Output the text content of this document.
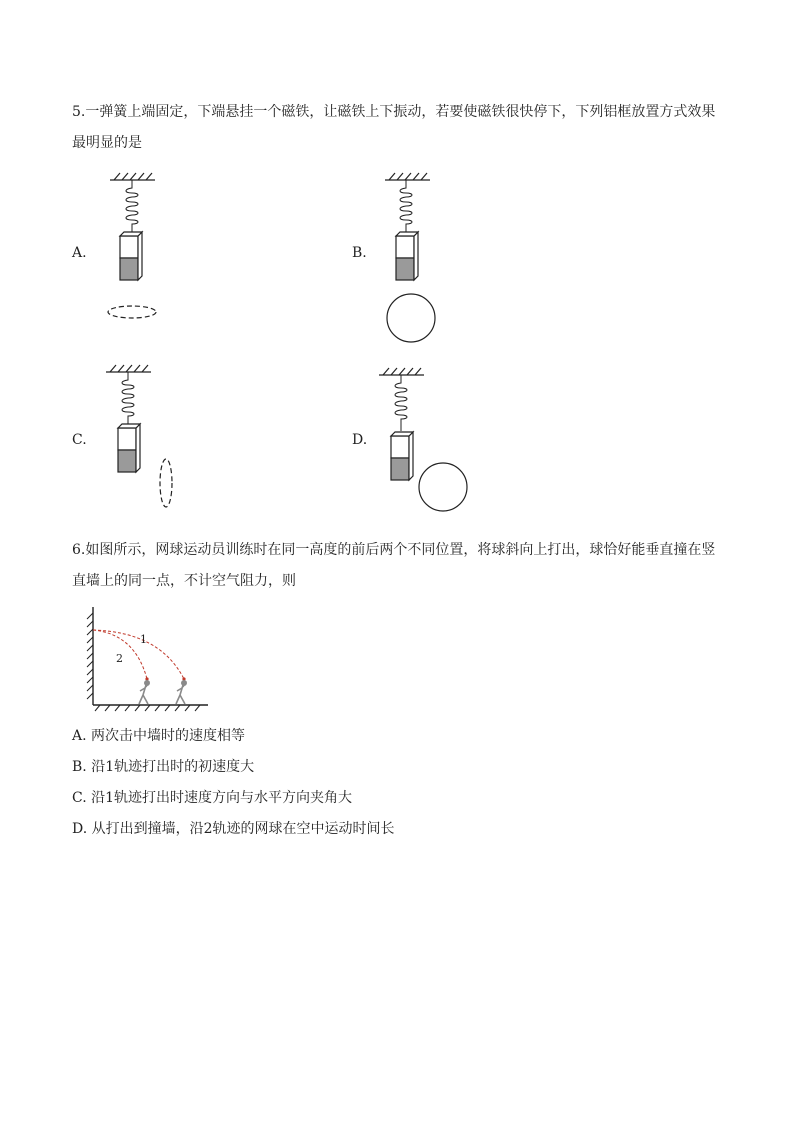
5.一弹簧上端固定，下端悬挂一个磁铁，让磁铁上下振动，若要使磁铁很快停下，下列铝框放置方式效果
最明显的是
A.	B.
C.	D.
6.如图所示，网球运动员训练时在同一高度的前后两个不同位置，将球斜向上打出，球恰好能垂直撞在竖
直墙上的同一点，不计空气阻力，则
1
2
A. 两次击中墙时的速度相等
B. 沿1轨迹打出时的初速度大
C. 沿1轨迹打出时速度方向与水平方向夹角大
D. 从打出到撞墙，沿2轨迹的网球在空中运动时间长
